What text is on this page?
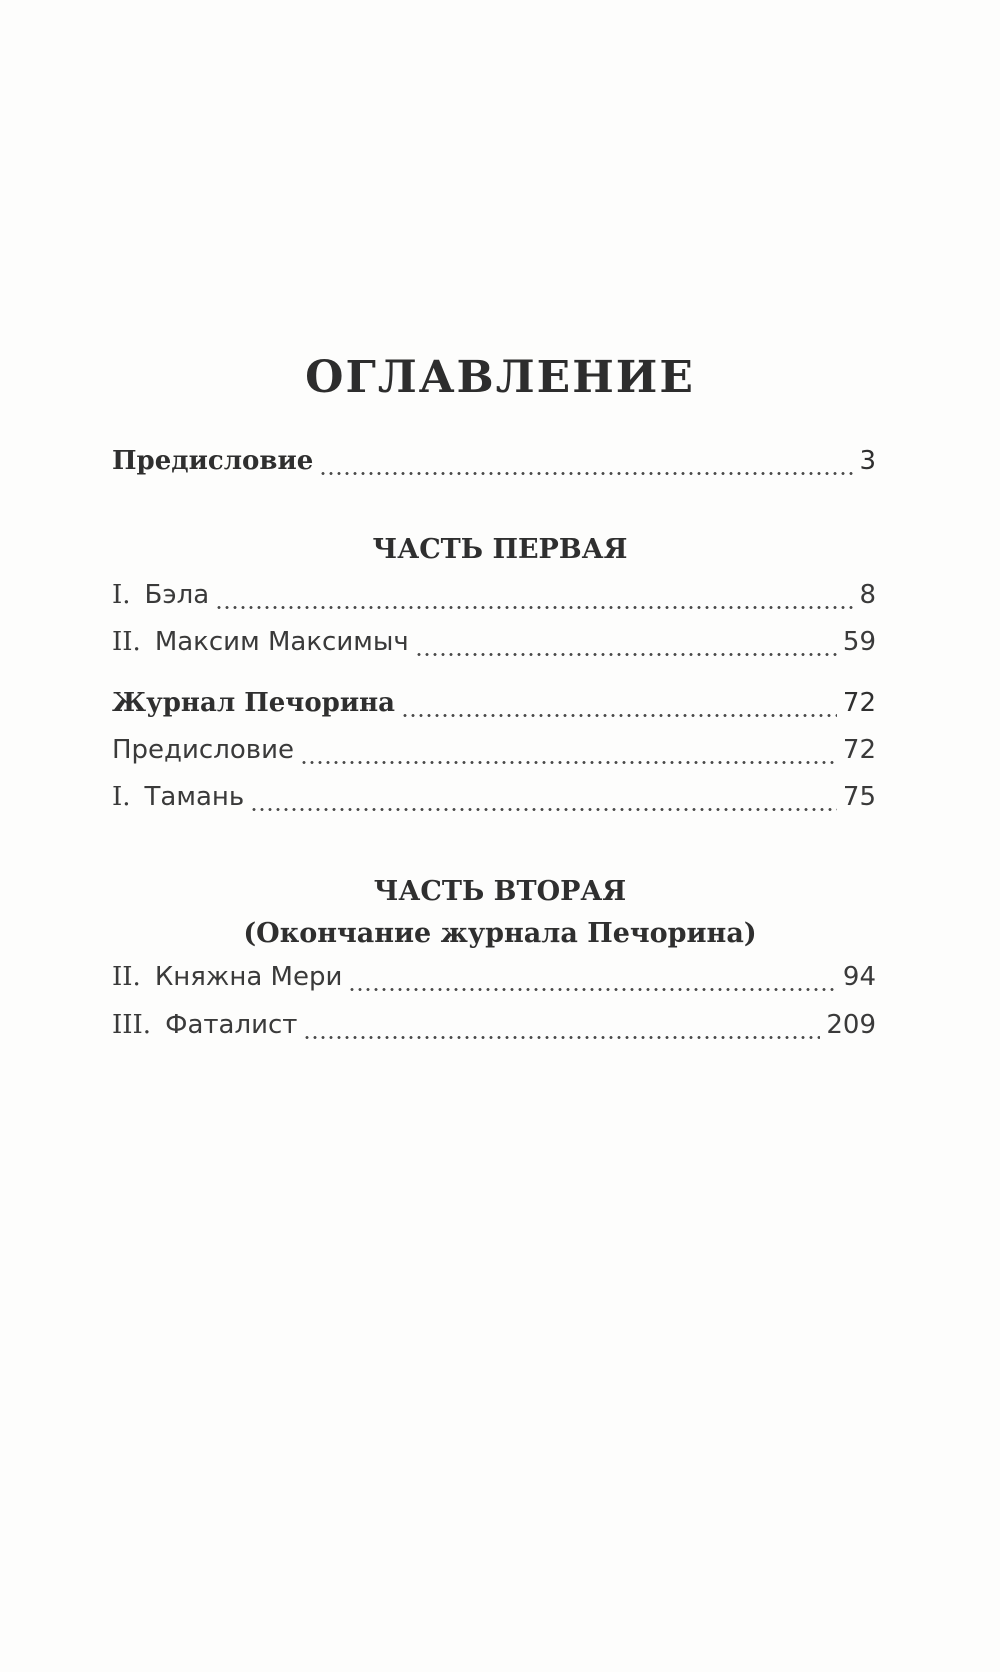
ОГЛАВЛЕНИЕ
Предисловие	3
ЧАСТЬ ПЕРВАЯ
I. Бэла	8
II. Максим Максимыч	59
Журнал Печорина	72
Предисловие	72
I. Тамань	75
ЧАСТЬ ВТОРАЯ
(Окончание журнала Печорина)
II. Княжна Мери	94
III. Фаталист	209
